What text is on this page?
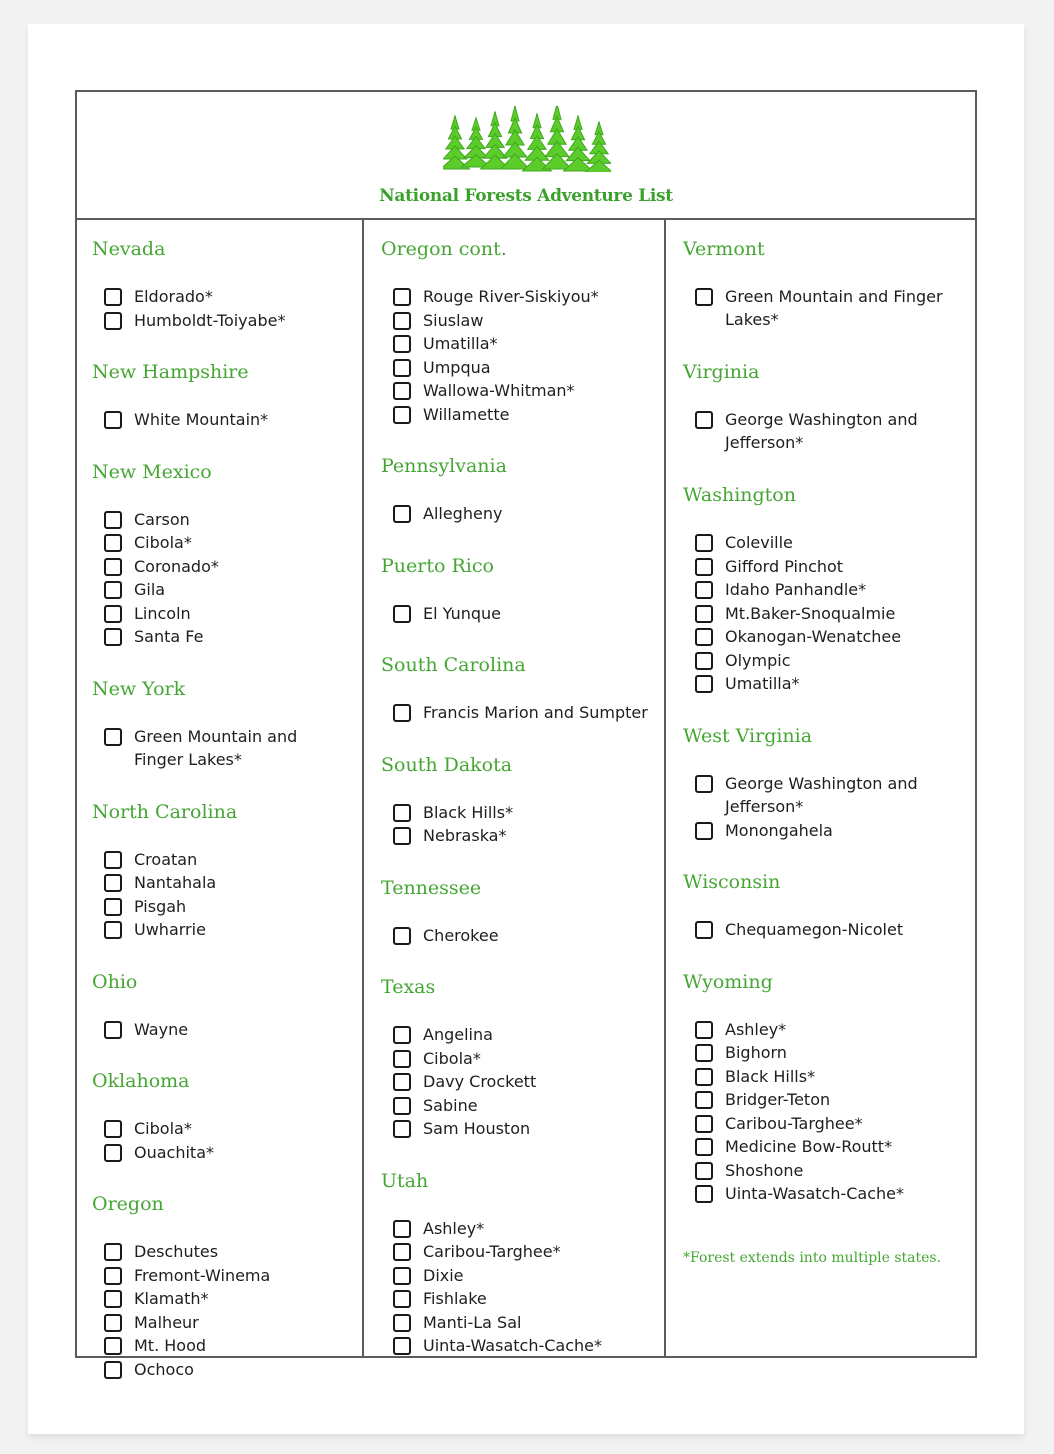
National Forests Adventure List
Nevada
Eldorado*
Humboldt-Toiyabe*
New Hampshire
White Mountain*
New Mexico
Carson
Cibola*
Coronado*
Gila
Lincoln
Santa Fe
New York
Green Mountain and
Finger Lakes*
North Carolina
Croatan
Nantahala
Pisgah
Uwharrie
Ohio
Wayne
Oklahoma
Cibola*
Ouachita*
Oregon
Deschutes
Fremont-Winema
Klamath*
Malheur
Mt. Hood
Ochoco
Oregon cont.
Rouge River-Siskiyou*
Siuslaw
Umatilla*
Umpqua
Wallowa-Whitman*
Willamette
Pennsylvania
Allegheny
Puerto Rico
El Yunque
South Carolina
Francis Marion and Sumpter
South Dakota
Black Hills*
Nebraska*
Tennessee
Cherokee
Texas
Angelina
Cibola*
Davy Crockett
Sabine
Sam Houston
Utah
Ashley*
Caribou-Targhee*
Dixie
Fishlake
Manti-La Sal
Uinta-Wasatch-Cache*
*Forest extends into multiple states.
Vermont
Green Mountain and Finger
Lakes*
Virginia
George Washington and
Jefferson*
Washington
Coleville
Gifford Pinchot
Idaho Panhandle*
Mt.Baker-Snoqualmie
Okanogan-Wenatchee
Olympic
Umatilla*
West Virginia
George Washington and
Jefferson*
Monongahela
Wisconsin
Chequamegon-Nicolet
Wyoming
Ashley*
Bighorn
Black Hills*
Bridger-Teton
Caribou-Targhee*
Medicine Bow-Routt*
Shoshone
Uinta-Wasatch-Cache*
